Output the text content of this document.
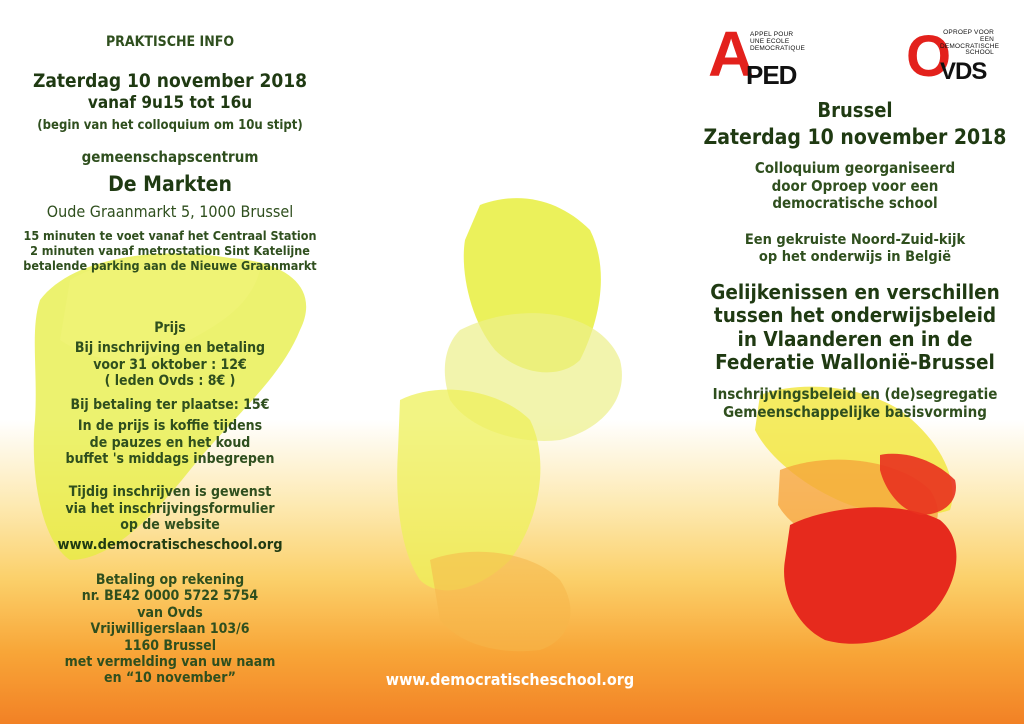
PRAKTISCHE INFO
Zaterdag 10 november 2018
vanaf 9u15 tot 16u
(begin van het colloquium om 10u stipt)
gemeenschapscentrum
De Markten
Oude Graanmarkt 5, 1000 Brussel
15 minuten te voet vanaf het Centraal Station
2 minuten vanaf metrostation Sint Katelijne
betalende parking aan de Nieuwe Graanmarkt
Prijs
Bij inschrijving en betaling
voor 31 oktober : 12€
( leden Ovds : 8€ )
Bij betaling ter plaatse: 15€
In de prijs is koffie tijdens
de pauzes en het koud
buffet 's middags inbegrepen
Tijdig inschrijven is gewenst
via het inschrijvingsformulier
op de website
www.democratischeschool.org
Betaling op rekening
nr. BE42 0000 5722 5754
van Ovds
Vrijwilligerslaan 103/6
1160 Brussel
met vermelding van uw naam
en “10 november”	www.democratischeschool.org
A
PED
APPEL POUR
UNE ECOLE
DEMOCRATIQUE O
VDS
OPROEP VOOR EEN
DEMOCRATISCHE
SCHOOL
Brussel
Zaterdag 10 november 2018
Colloquium georganiseerd
door Oproep voor een
democratische school
Een gekruiste Noord-Zuid-kijk
op het onderwijs in België
Gelijkenissen en verschillen
tussen het onderwijsbeleid
in Vlaanderen en in de
Federatie Wallonië-Brussel
Inschrijvingsbeleid en (de)segregatie
Gemeenschappelijke basisvorming
